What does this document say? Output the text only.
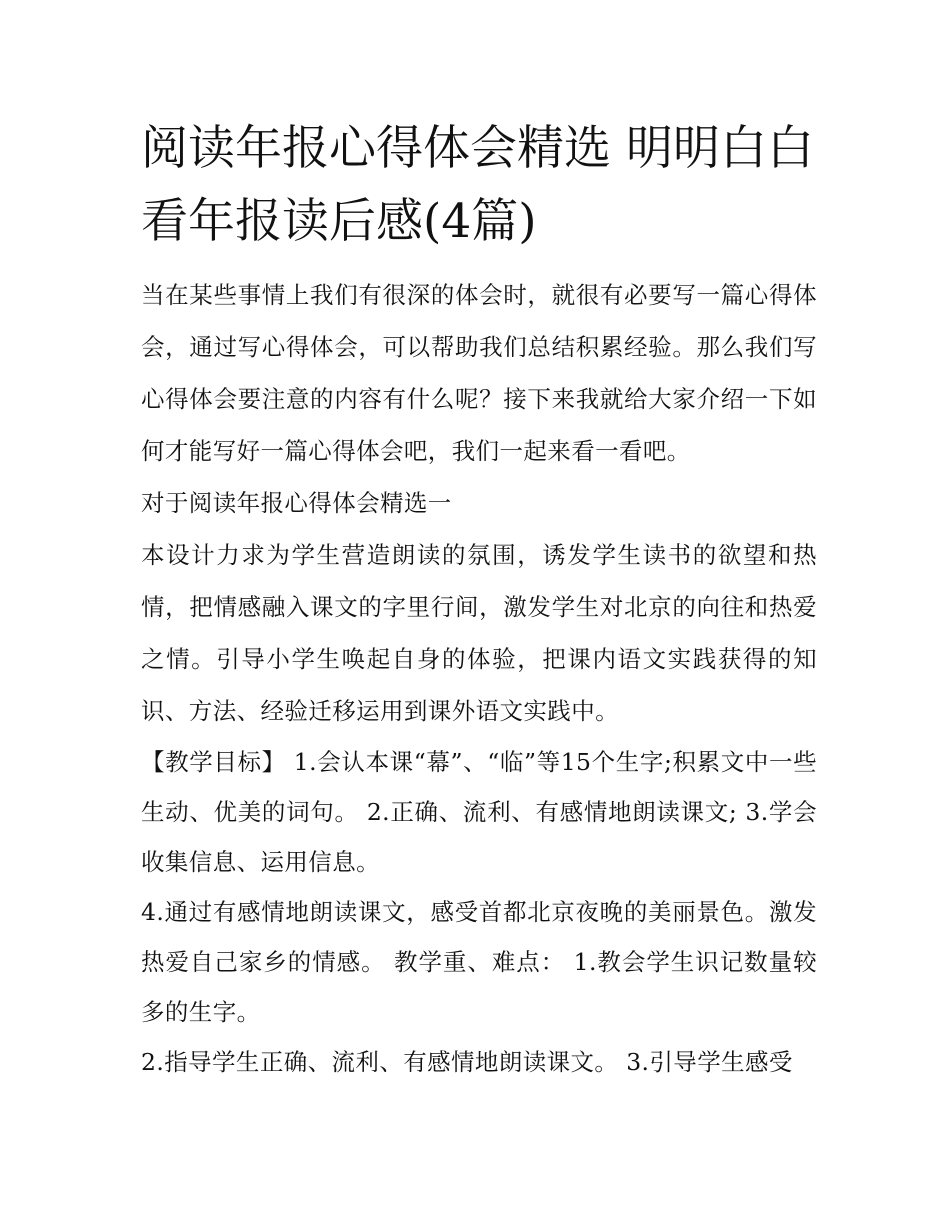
阅读年报心得体会精选 明明白白看年报读后感(4篇)

当在某些事情上我们有很深的体会时，就很有必要写一篇心得体会，通过写心得体会，可以帮助我们总结积累经验。那么我们写心得体会要注意的内容有什么呢？接下来我就给大家介绍一下如何才能写好一篇心得体会吧，我们一起来看一看吧。

对于阅读年报心得体会精选一

本设计力求为学生营造朗读的氛围，诱发学生读书的欲望和热情，把情感融入课文的字里行间，激发学生对北京的向往和热爱之情。引导小学生唤起自身的体验，把课内语文实践获得的知识、方法、经验迁移运用到课外语文实践中。

【教学目标】 1.会认本课“幕”、“临”等15个生字;积累文中一些生动、优美的词句。 2.正确、流利、有感情地朗读课文; 3.学会收集信息、运用信息。

4.通过有感情地朗读课文，感受首都北京夜晚的美丽景色。激发热爱自己家乡的情感。 教学重、难点： 1.教会学生识记数量较多的生字。

2.指导学生正确、流利、有感情地朗读课文。 3.引导学生感受
